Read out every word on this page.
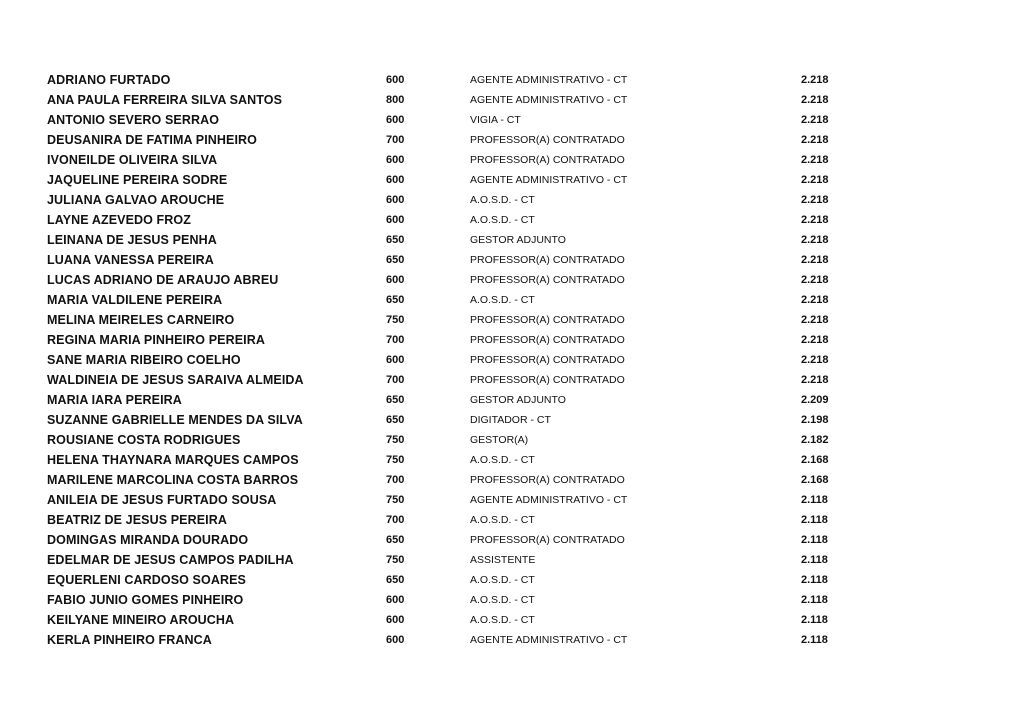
ADRIANO FURTADO	600	AGENTE ADMINISTRATIVO - CT	2.218
ANA PAULA FERREIRA SILVA SANTOS	800	AGENTE ADMINISTRATIVO - CT	2.218
ANTONIO SEVERO SERRAO	600	VIGIA - CT	2.218
DEUSANIRA DE FATIMA PINHEIRO	700	PROFESSOR(A) CONTRATADO	2.218
IVONEILDE OLIVEIRA SILVA	600	PROFESSOR(A) CONTRATADO	2.218
JAQUELINE PEREIRA SODRE	600	AGENTE ADMINISTRATIVO - CT	2.218
JULIANA GALVAO AROUCHE	600	A.O.S.D. - CT	2.218
LAYNE AZEVEDO FROZ	600	A.O.S.D. - CT	2.218
LEINANA DE JESUS PENHA	650	GESTOR ADJUNTO	2.218
LUANA VANESSA PEREIRA	650	PROFESSOR(A) CONTRATADO	2.218
LUCAS ADRIANO DE ARAUJO ABREU	600	PROFESSOR(A) CONTRATADO	2.218
MARIA VALDILENE PEREIRA	650	A.O.S.D. - CT	2.218
MELINA MEIRELES CARNEIRO	750	PROFESSOR(A) CONTRATADO	2.218
REGINA MARIA PINHEIRO PEREIRA	700	PROFESSOR(A) CONTRATADO	2.218
SANE MARIA RIBEIRO COELHO	600	PROFESSOR(A) CONTRATADO	2.218
WALDINEIA DE JESUS SARAIVA ALMEIDA	700	PROFESSOR(A) CONTRATADO	2.218
MARIA IARA PEREIRA	650	GESTOR ADJUNTO	2.209
SUZANNE GABRIELLE MENDES DA SILVA	650	DIGITADOR - CT	2.198
ROUSIANE COSTA RODRIGUES	750	GESTOR(A)	2.182
HELENA THAYNARA MARQUES CAMPOS	750	A.O.S.D. - CT	2.168
MARILENE MARCOLINA COSTA BARROS	700	PROFESSOR(A) CONTRATADO	2.168
ANILEIA DE JESUS FURTADO SOUSA	750	AGENTE ADMINISTRATIVO - CT	2.118
BEATRIZ DE JESUS PEREIRA	700	A.O.S.D. - CT	2.118
DOMINGAS MIRANDA DOURADO	650	PROFESSOR(A) CONTRATADO	2.118
EDELMAR DE JESUS CAMPOS PADILHA	750	ASSISTENTE	2.118
EQUERLENI CARDOSO SOARES	650	A.O.S.D. - CT	2.118
FABIO JUNIO GOMES PINHEIRO	600	A.O.S.D. - CT	2.118
KEILYANE MINEIRO AROUCHA	600	A.O.S.D. - CT	2.118
KERLA PINHEIRO FRANCA	600	AGENTE ADMINISTRATIVO - CT	2.118
